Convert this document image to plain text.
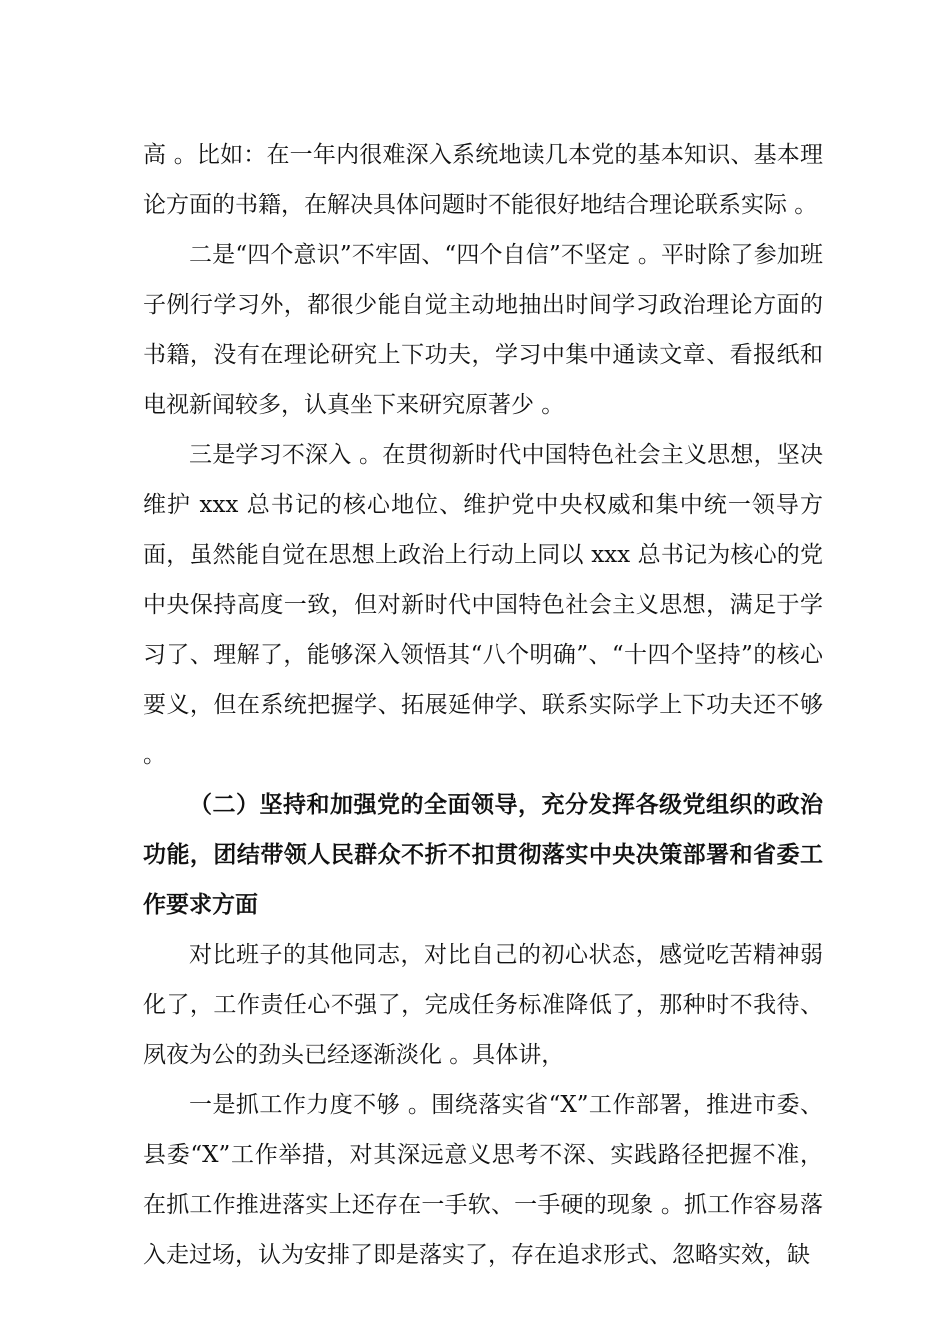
高 。比如：在一年内很难深入系统地读几本党的基本知识、基本理论方面的书籍，在解决具体问题时不能很好地结合理论联系实际 。

二是“四个意识”不牢固、“四个自信”不坚定 。平时除了参加班子例行学习外，都很少能自觉主动地抽出时间学习政治理论方面的书籍，没有在理论研究上下功夫，学习中集中通读文章、看报纸和电视新闻较多，认真坐下来研究原著少 。

三是学习不深入 。在贯彻新时代中国特色社会主义思想，坚决维护 xxx 总书记的核心地位、维护党中央权威和集中统一领导方面，虽然能自觉在思想上政治上行动上同以 xxx 总书记为核心的党中央保持高度一致，但对新时代中国特色社会主义思想，满足于学习了、理解了，能够深入领悟其“八个明确”、“十四个坚持”的核心要义，但在系统把握学、拓展延伸学、联系实际学上下功夫还不够 。

（二）坚持和加强党的全面领导，充分发挥各级党组织的政治功能，团结带领人民群众不折不扣贯彻落实中央决策部署和省委工作要求方面

对比班子的其他同志，对比自己的初心状态，感觉吃苦精神弱化了，工作责任心不强了，完成任务标准降低了，那种时不我待、夙夜为公的劲头已经逐渐淡化 。具体讲，

一是抓工作力度不够 。围绕落实省“X”工作部署，推进市委、县委“X”工作举措，对其深远意义思考不深、实践路径把握不准，在抓工作推进落实上还存在一手软、一手硬的现象 。抓工作容易落入走过场，认为安排了即是落实了，存在追求形式、忽略实效，缺
